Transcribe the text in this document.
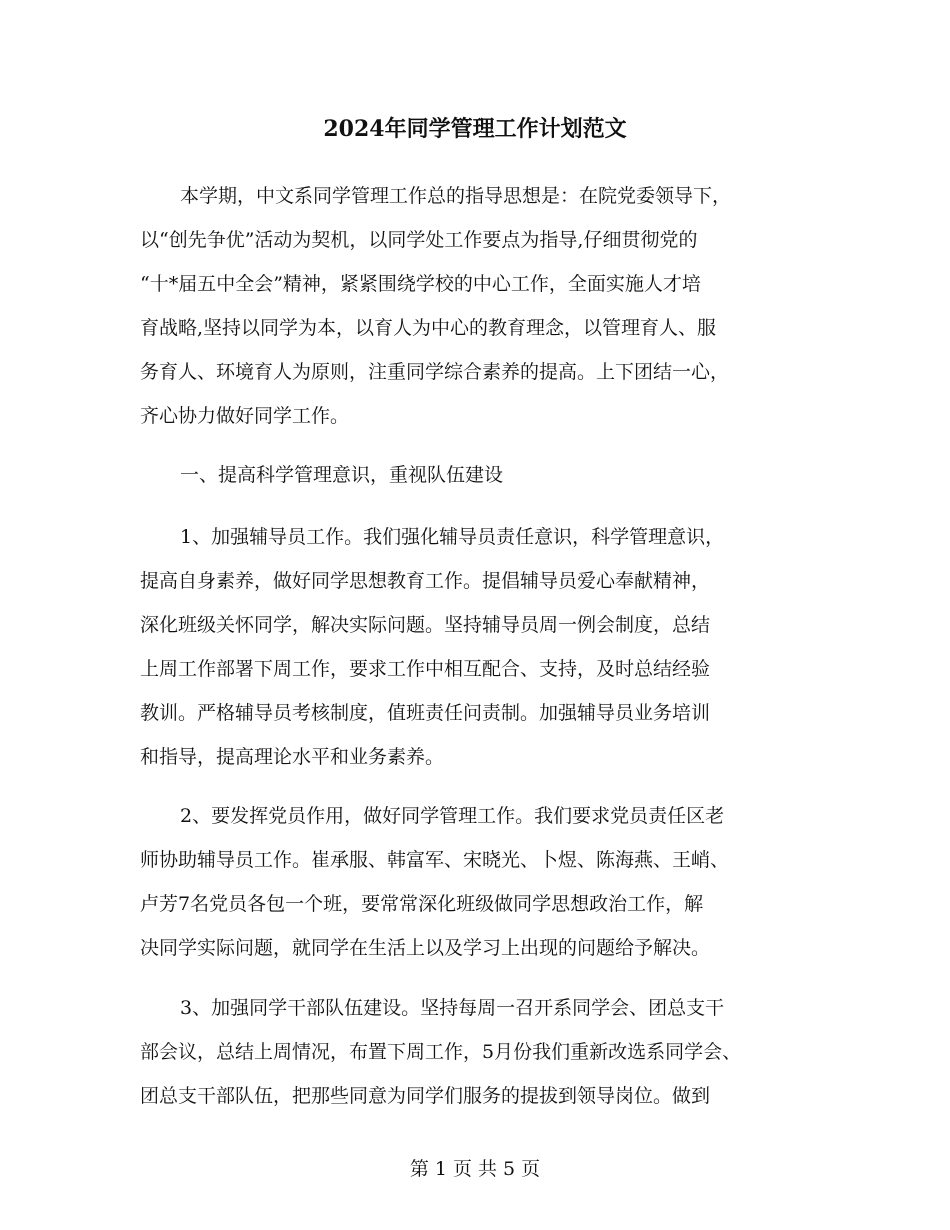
2024年同学管理工作计划范文
本学期，中文系同学管理工作总的指导思想是：在院党委领导下，
以“创先争优”活动为契机，以同学处工作要点为指导,仔细贯彻党的
“十*届五中全会”精神，紧紧围绕学校的中心工作，全面实施人才培
育战略,坚持以同学为本，以育人为中心的教育理念，以管理育人、服
务育人、环境育人为原则，注重同学综合素养的提高。上下团结一心，
齐心协力做好同学工作。
一、提高科学管理意识，重视队伍建设
1、加强辅导员工作。我们强化辅导员责任意识，科学管理意识，
提高自身素养，做好同学思想教育工作。提倡辅导员爱心奉献精神，
深化班级关怀同学，解决实际问题。坚持辅导员周一例会制度，总结
上周工作部署下周工作，要求工作中相互配合、支持，及时总结经验
教训。严格辅导员考核制度，值班责任问责制。加强辅导员业务培训
和指导，提高理论水平和业务素养。
2、要发挥党员作用，做好同学管理工作。我们要求党员责任区老
师协助辅导员工作。崔承服、韩富军、宋晓光、卜煜、陈海燕、王峭、
卢芳7名党员各包一个班，要常常深化班级做同学思想政治工作，解
决同学实际问题，就同学在生活上以及学习上出现的问题给予解决。
3、加强同学干部队伍建设。坚持每周一召开系同学会、团总支干
部会议，总结上周情况，布置下周工作，5月份我们重新改选系同学会、
团总支干部队伍，把那些同意为同学们服务的提拔到领导岗位。做到
第 1 页 共 5 页
